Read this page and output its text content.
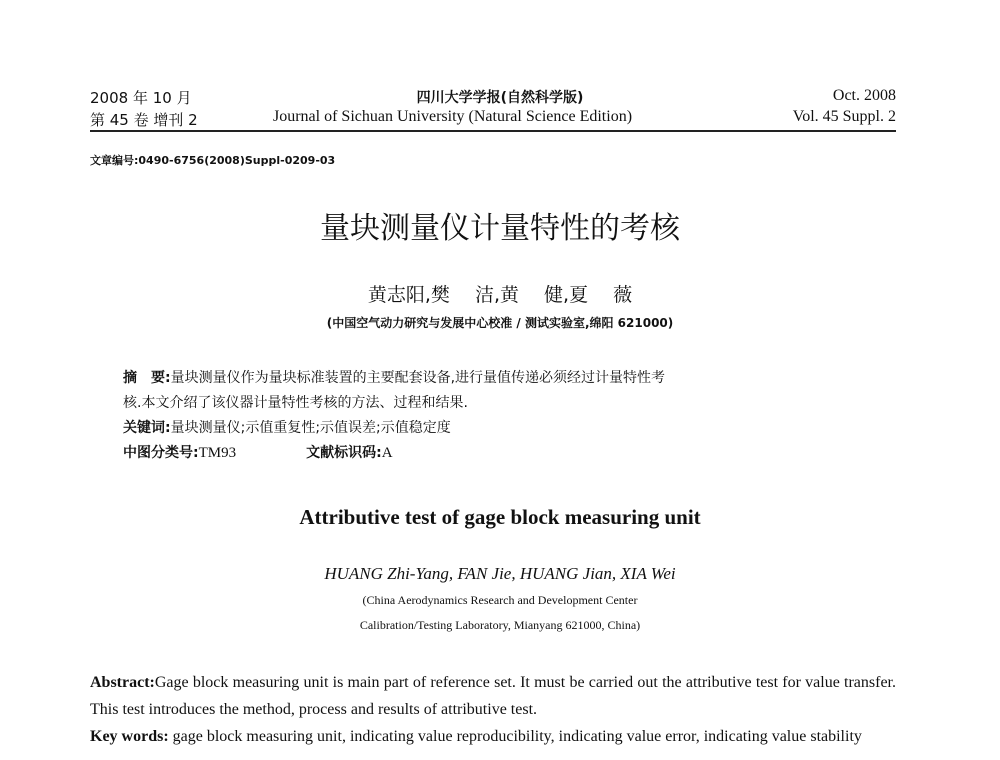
2008 年 10 月	四川大学学报(自然科学版)	Oct. 2008
第 45 卷 增刊 2	Journal of Sichuan University (Natural Science Edition)	Vol. 45 Suppl. 2
文章编号:0490-6756(2008)Suppl-0209-03
量块测量仪计量特性的考核
黄志阳,樊　 洁,黄　 健,夏　 薇
(中国空气动力研究与发展中心校准 / 测试实验室,绵阳 621000)
摘　要:量块测量仪作为量块标准装置的主要配套设备,进行量值传递必须经过计量特性考
核.本文介绍了该仪器计量特性考核的方法、过程和结果.
关键词:量块测量仪;示值重复性;示值误差;示值稳定度
中图分类号:TM93	文献标识码:A
Attributive test of gage block measuring unit
HUANG Zhi-Yang, FAN Jie, HUANG Jian, XIA Wei
(China Aerodynamics Research and Development Center
Calibration/Testing Laboratory, Mianyang 621000, China)
Abstract:Gage block measuring unit is main part of reference set. It must be carried out the attributive test for value transfer. This test introduces the method, process and results of attributive test.
Key words: gage block measuring unit, indicating value reproducibility, indicating value error, indicating value stability
